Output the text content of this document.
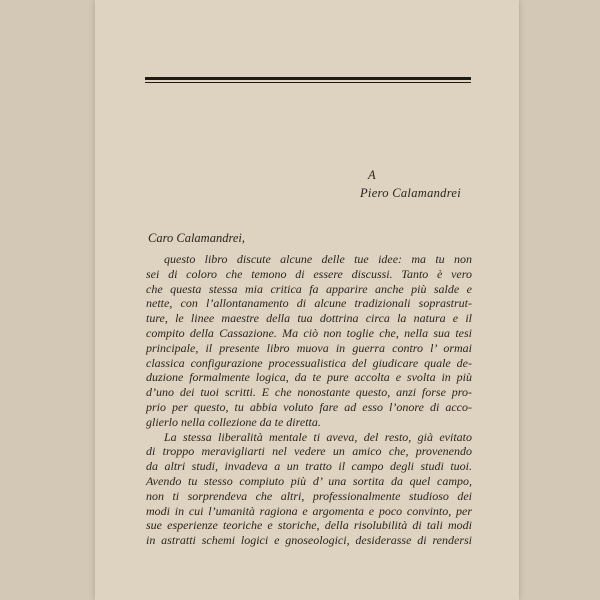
A
Piero Calamandrei
Caro Calamandrei,
questo libro discute alcune delle tue idee: ma tu non
sei di coloro che temono di essere discussi. Tanto è vero
che questa stessa mia critica fa apparire anche più salde e
nette, con l’allontanamento di alcune tradizionali soprastrut-
ture, le linee maestre della tua dottrina circa la natura e il
compito della Cassazione. Ma ciò non toglie che, nella sua tesi
principale, il presente libro muova in guerra contro l’ ormai
classica configurazione processualistica del giudicare quale de-
duzione formalmente logica, da te pure accolta e svolta in più
d’uno dei tuoi scritti. E che nonostante questo, anzi forse pro-
prio per questo, tu abbia voluto fare ad esso l’onore di acco-
glierlo nella collezione da te diretta.
La stessa liberalità mentale ti aveva, del resto, già evitato
di troppo meravigliarti nel vedere un amico che, provenendo
da altri studi, invadeva a un tratto il campo degli studi tuoi.
Avendo tu stesso compiuto più d’ una sortita da quel campo,
non ti sorprendeva che altri, professionalmente studioso dei
modi in cui l’umanità ragiona e argomenta e poco convinto, per
sue esperienze teoriche e storiche, della risolubilità di tali modi
in astratti schemi logici e gnoseologici, desiderasse di rendersi
